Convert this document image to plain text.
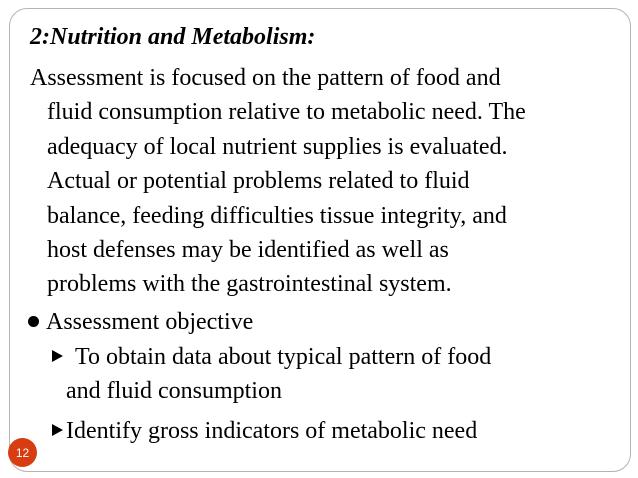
2:Nutrition and Metabolism:
Assessment is focused on the pattern of food and
fluid consumption relative to metabolic need. The
adequacy of local nutrient supplies is evaluated.
Actual or potential problems related to fluid
balance, feeding difficulties tissue integrity, and
host defenses may be identified as well as
problems with the gastrointestinal system.
Assessment objective
To obtain data about typical pattern of food
and fluid consumption
Identify gross indicators of metabolic need
12
